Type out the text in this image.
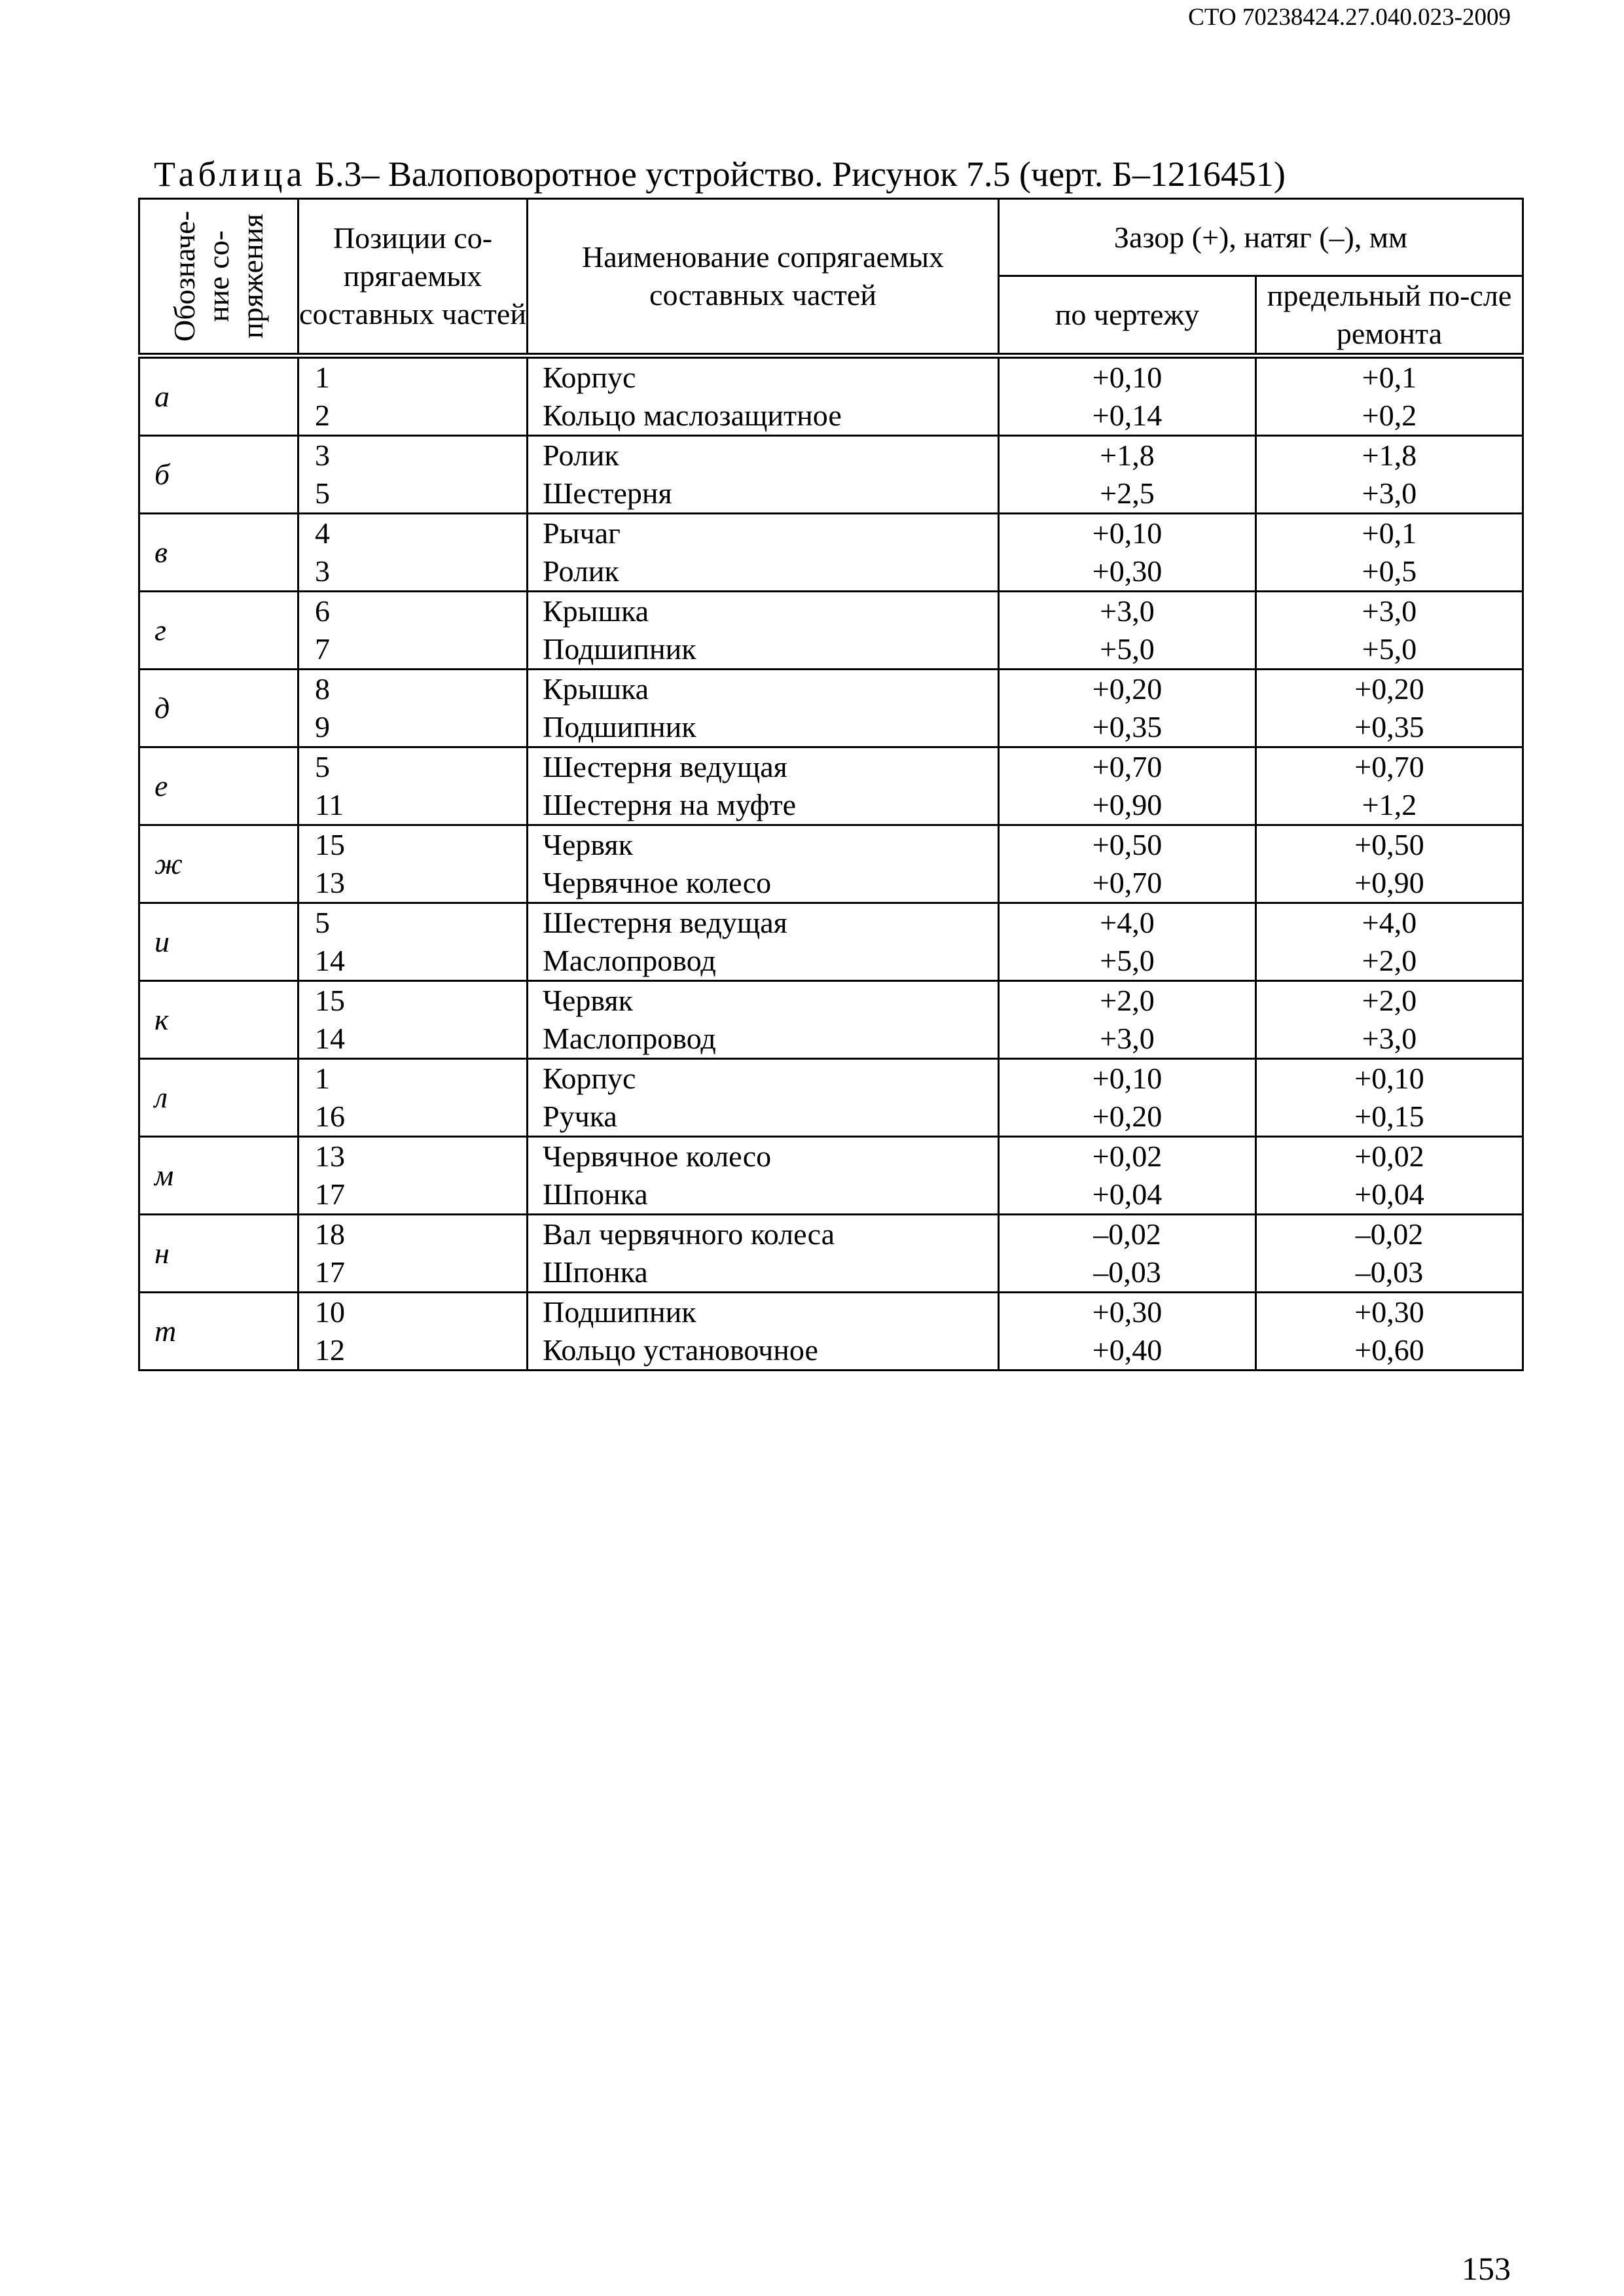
СТО 70238424.27.040.023-2009
Таблица Б.3– Валоповоротное устройство. Рисунок 7.5 (черт. Б–1216451)
Обозначе-ние со-пряжения	Позиции со-прягаемых составных частей	Наименование сопрягаемых составных частей	Зазор (+), натяг (–), мм	
			по чертежу	предельный по-сле ремонта
а	1	Корпус	+0,10	+0,1
	2	Кольцо маслозащитное	+0,14	+0,2
б	3	Ролик	+1,8	+1,8
	5	Шестерня	+2,5	+3,0
в	4	Рычаг	+0,10	+0,1
	3	Ролик	+0,30	+0,5
г	6	Крышка	+3,0	+3,0
	7	Подшипник	+5,0	+5,0
д	8	Крышка	+0,20	+0,20
	9	Подшипник	+0,35	+0,35
е	5	Шестерня ведущая	+0,70	+0,70
	11	Шестерня на муфте	+0,90	+1,2
ж	15	Червяк	+0,50	+0,50
	13	Червячное колесо	+0,70	+0,90
и	5	Шестерня ведущая	+4,0	+4,0
	14	Маслопровод	+5,0	+2,0
к	15	Червяк	+2,0	+2,0
	14	Маслопровод	+3,0	+3,0
л	1	Корпус	+0,10	+0,10
	16	Ручка	+0,20	+0,15
м	13	Червячное колесо	+0,02	+0,02
	17	Шпонка	+0,04	+0,04
н	18	Вал червячного колеса	–0,02	–0,02
	17	Шпонка	–0,03	–0,03
т	10	Подшипник	+0,30	+0,30
	12	Кольцо установочное	+0,40	+0,60
153
